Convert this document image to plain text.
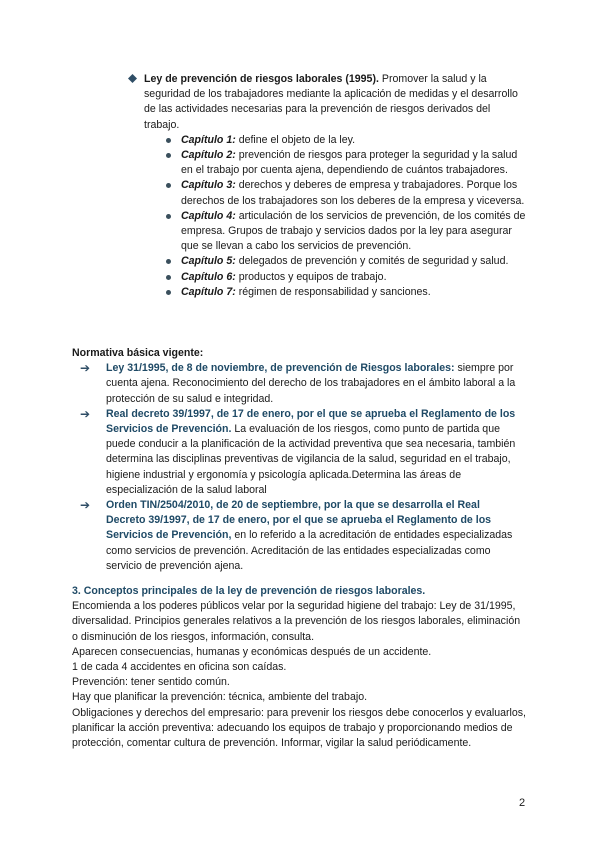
Ley de prevención de riesgos laborales (1995). Promover la salud y la seguridad de los trabajadores mediante la aplicación de medidas y el desarrollo de las actividades necesarias para la prevención de riesgos derivados del trabajo.
Capítulo 1: define el objeto de la ley.
Capítulo 2: prevención de riesgos para proteger la seguridad y la salud en el trabajo por cuenta ajena, dependiendo de cuántos trabajadores.
Capítulo 3: derechos y deberes de empresa y trabajadores. Porque los derechos de los trabajadores son los deberes de la empresa y viceversa.
Capítulo 4: articulación de los servicios de prevención, de los comités de empresa. Grupos de trabajo y servicios dados por la ley para asegurar que se llevan a cabo los servicios de prevención.
Capítulo 5: delegados de prevención y comités de seguridad y salud.
Capítulo 6: productos y equipos de trabajo.
Capítulo 7: régimen de responsabilidad y sanciones.
Normativa básica vigente:
➔ Ley 31/1995, de 8 de noviembre, de prevención de Riesgos laborales: siempre por cuenta ajena. Reconocimiento del derecho de los trabajadores en el ámbito laboral a la protección de su salud e integridad.
➔ Real decreto 39/1997, de 17 de enero, por el que se aprueba el Reglamento de los Servicios de Prevención. La evaluación de los riesgos, como punto de partida que puede conducir a la planificación de la actividad preventiva que sea necesaria, también determina las disciplinas preventivas de vigilancia de la salud, seguridad en el trabajo, higiene industrial y ergonomía y psicología aplicada.Determina las áreas de especialización de la salud laboral
➔ Orden TIN/2504/2010, de 20 de septiembre, por la que se desarrolla el Real Decreto 39/1997, de 17 de enero, por el que se aprueba el Reglamento de los Servicios de Prevención, en lo referido a la acreditación de entidades especializadas como servicios de prevención. Acreditación de las entidades especializadas como servicio de prevención ajena.
3. Conceptos principales de la ley de prevención de riesgos laborales.

Encomienda a los poderes públicos velar por la seguridad higiene del trabajo: Ley de 31/1995, diversalidad. Principios generales relativos a la prevención de los riesgos laborales, eliminación o disminución de los riesgos, información, consulta.

Aparecen consecuencias, humanas y económicas después de un accidente.

1 de cada 4 accidentes en oficina son caídas.

Prevención: tener sentido común.

Hay que planificar la prevención: técnica, ambiente del trabajo.

Obligaciones y derechos del empresario: para prevenir los riesgos debe conocerlos y evaluarlos, planificar la acción preventiva: adecuando los equipos de trabajo y proporcionando medios de protección, comentar cultura de prevención. Informar, vigilar la salud periódicamente.

2
